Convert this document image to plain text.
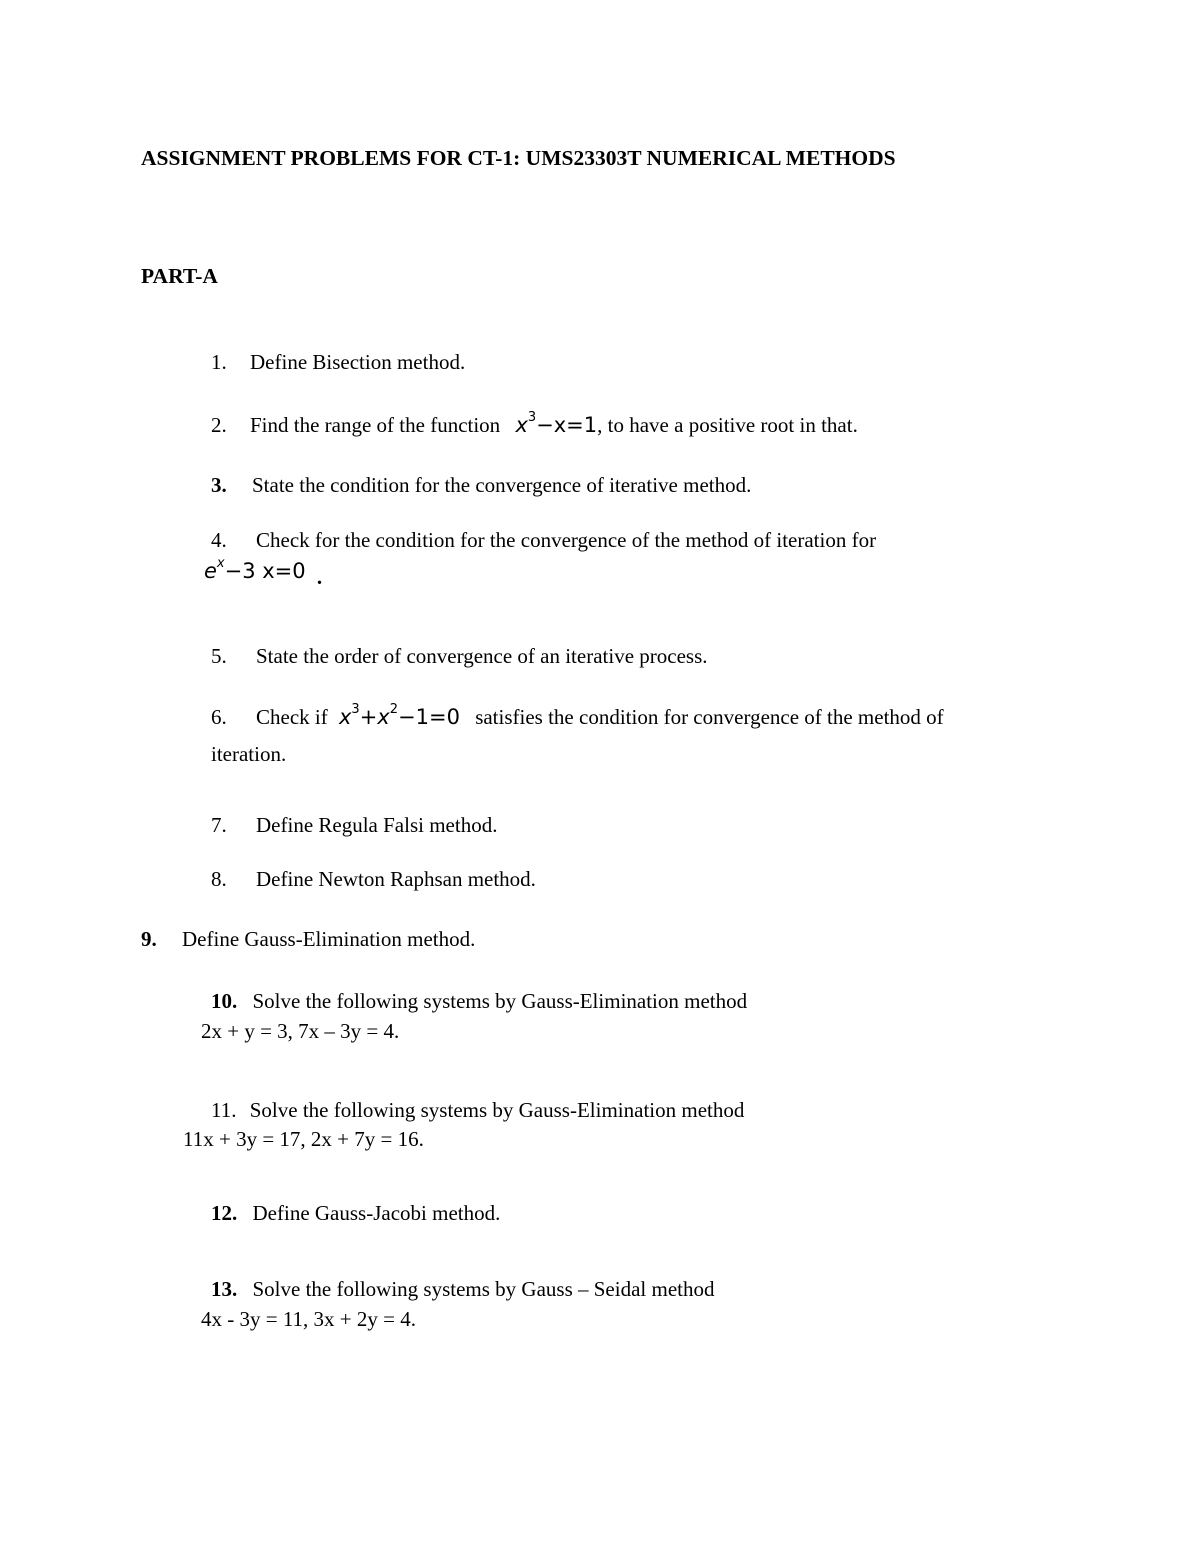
ASSIGNMENT PROBLEMS FOR CT-1: UMS23303T NUMERICAL METHODS
PART-A
1. Define Bisection method.
2. Find the range of the function $x^3-x=1$, to have a positive root in that.
3. State the condition for the convergence of iterative method.
4. Check for the condition for the convergence of the method of iteration for
$e^x-3$ x=0 .
5. State the order of convergence of an iterative process.
6. Check if $x^3+x^2-1=0$ satisfies the condition for convergence of the method of
iteration.
7. Define Regula Falsi method.
8. Define Newton Raphsan method.
9. Define Gauss-Elimination method.
10. Solve the following systems by Gauss-Elimination method
2x + y = 3, 7x – 3y = 4.
11. Solve the following systems by Gauss-Elimination method
11x + 3y = 17, 2x + 7y = 16.
12. Define Gauss-Jacobi method.
13. Solve the following systems by Gauss – Seidal method
4x - 3y = 11, 3x + 2y = 4.
